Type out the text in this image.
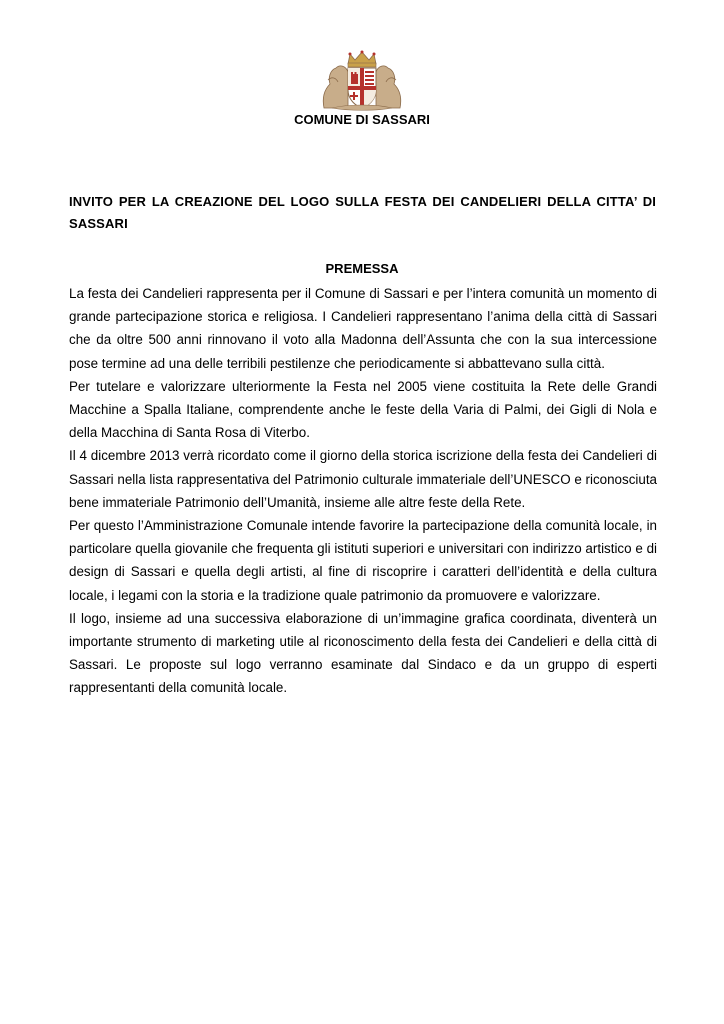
COMUNE DI SASSARI
INVITO PER LA CREAZIONE DEL LOGO SULLA FESTA DEI CANDELIERI DELLA CITTA’ DI SASSARI
PREMESSA

La festa dei Candelieri rappresenta per il Comune di Sassari e per l’intera comunità un momento di grande partecipazione storica e religiosa. I Candelieri rappresentano l’anima della città di Sassari che da oltre 500 anni rinnovano il voto alla Madonna dell’Assunta che con la sua intercessione pose termine ad una delle terribili pestilenze che periodicamente si abbattevano sulla città.

Per tutelare e valorizzare ulteriormente la Festa nel 2005 viene costituita la Rete delle Grandi Macchine a Spalla Italiane, comprendente anche le feste della Varia di Palmi, dei Gigli di Nola e della Macchina di Santa Rosa di Viterbo.

Il 4 dicembre 2013 verrà ricordato come il giorno della storica iscrizione della festa dei Candelieri di Sassari nella lista rappresentativa del Patrimonio culturale immateriale dell’UNESCO e riconosciuta bene immateriale Patrimonio dell’Umanità, insieme alle altre feste della Rete.

Per questo l’Amministrazione Comunale intende favorire la partecipazione della comunità locale, in particolare quella giovanile che frequenta gli istituti superiori e universitari con indirizzo artistico e di design di Sassari e quella degli artisti, al fine di riscoprire i caratteri dell’identità e della cultura locale, i legami con la storia e la tradizione quale patrimonio da promuovere e valorizzare.

Il logo, insieme ad una successiva elaborazione di un’immagine grafica coordinata, diventerà un importante strumento di marketing utile al riconoscimento della festa dei Candelieri e della città di Sassari. Le proposte sul logo verranno esaminate dal Sindaco e da un gruppo di esperti rappresentanti della comunità locale.
